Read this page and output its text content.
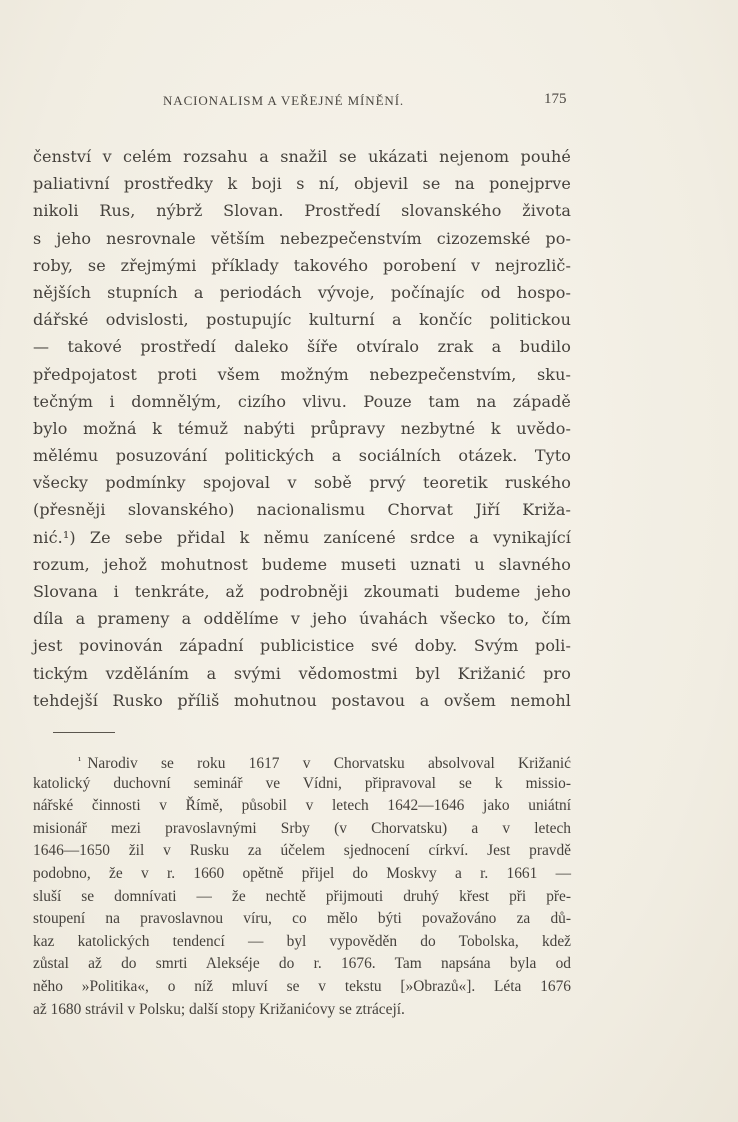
NACIONALISM A VEŘEJNÉ MÍNĚNÍ.	175
čenství v celém rozsahu a snažil se ukázati nejenom pouhé
paliativní prostředky k boji s ní, objevil se na ponejprve
nikoli Rus, nýbrž Slovan. Prostředí slovanského života
s jeho nesrovnale větším nebezpečenstvím cizozemské po-
roby, se zřejmými příklady takového porobení v nejrozlič-
nějších stupních a periodách vývoje, počínajíc od hospo-
dářské odvislosti, postupujíc kulturní a končíc politickou
— takové prostředí daleko šíře otvíralo zrak a budilo
předpojatost proti všem možným nebezpečenstvím, sku-
tečným i domnělým, cizího vlivu. Pouze tam na západě
bylo možná k témuž nabýti průpravy nezbytné k uvědo-
mělému posuzování politických a sociálních otázek. Tyto
všecky podmínky spojoval v sobě prvý teoretik ruského
(přesněji slovanského) nacionalismu Chorvat Jiří Križa-
nić.¹) Ze sebe přidal k němu zanícené srdce a vynikající
rozum, jehož mohutnost budeme museti uznati u slavného
Slovana i tenkráte, až podrobněji zkoumati budeme jeho
díla a prameny a oddělíme v jeho úvahách všecko to, čím
jest povinován západní publicistice své doby. Svým poli-
tickým vzděláním a svými vědomostmi byl Križanić pro
tehdejší Rusko příliš mohutnou postavou a ovšem nemohl
$^{^1}$ Narodiv se roku 1617 v Chorvatsku absolvoval Križanić
katolický duchovní seminář ve Vídni, připravoval se k missio-
nářské činnosti v Římě, působil v letech 1642—1646 jako uniátní
misionář mezi pravoslavnými Srby (v Chorvatsku) a v letech
1646—1650 žil v Rusku za účelem sjednocení církví. Jest pravdě
podobno, že v r. 1660 opětně přijel do Moskvy a r. 1661 —
sluší se domnívati — že nechtě přijmouti druhý křest při pře-
stoupení na pravoslavnou víru, co mělo býti považováno za dů-
kaz katolických tendencí — byl vypověděn do Tobolska, kdež
zůstal až do smrti Alekséje do r. 1676. Tam napsána byla od
něho »Politika«, o níž mluví se v tekstu [»Obrazů«]. Léta 1676
až 1680 strávil v Polsku; další stopy Križanićovy se ztrácejí.
